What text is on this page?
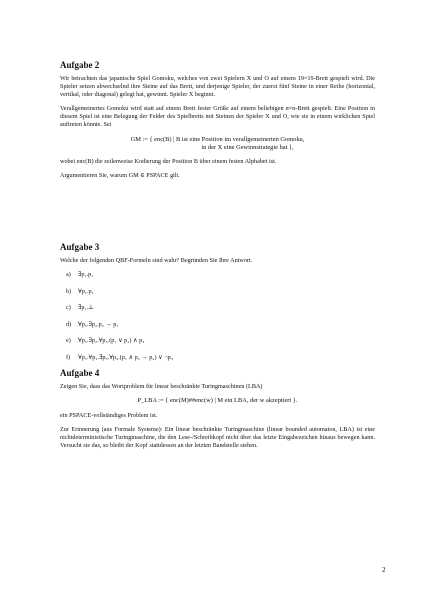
Aufgabe 2

Wir betrachten das japanische Spiel Gomoku, welches von zwei Spielern X und O auf einem 19×19-Brett gespielt wird. Die Spieler setzen abwechselnd ihre Steine auf das Brett, und derjenige Spieler, der zuerst fünf Steine in einer Reihe (horizontal, vertikal, oder diagonal) gelegt hat, gewinnt. Spieler X beginnt.

Verallgemeinertes Gomoku wird statt auf einem Brett fester Größe auf einem beliebigen n×n-Brett gespielt. Eine Position in diesem Spiel ist eine Belegung der Felder des Spielbretts mit Steinen der Spieler X und O, wie sie in einem wirklichen Spiel auftreten könnte. Sei

GM := { enc(B) | B ist eine Position im verallgemeinerten Gomoku,
in der X eine Gewinnstrategie hat },

wobei enc(B) die zeilenweise Kodierung der Position B über einem festen Alphabet ist.

Argumentieren Sie, warum GM ∈ PSPACE gilt.

Aufgabe 3

Welche der folgenden QBF-Formeln sind wahr? Begründen Sie Ihre Antwort.

a) ∃p₁.p₁
b) ∀p₁.p₁
c) ∃p₁.⊥
d) ∀p₁.∃p₂.p₂ → p₁
e) ∀p₁.∃p₂.∀p₃.(p₁ ∨ p₂) ∧ p₃
f) ∀p₁.∀p₂.∃p₃.∀p₄.(p₁ ∧ p₂ → p₄) ∨ ¬p₃
Aufgabe 4

Zeigen Sie, dass das Wortproblem für linear beschränkte Turingmaschinen (LBA)

P_LBA := { enc(M)##enc(w) | M ein LBA, der w akzeptiert }.

ein PSPACE-vollständiges Problem ist.

Zur Erinnerung (aus Formale Systeme): Ein linear beschränkte Turingmaschine (linear bounded automaton, LBA) ist eine nichtdeterministische Turingmaschine, die den Lese-/Schreibkopf nicht über das letzte Eingabezeichen hinaus bewegen kann. Versucht sie das, so bleibt der Kopf stattdessen an der letzten Bandstelle stehen.

2
